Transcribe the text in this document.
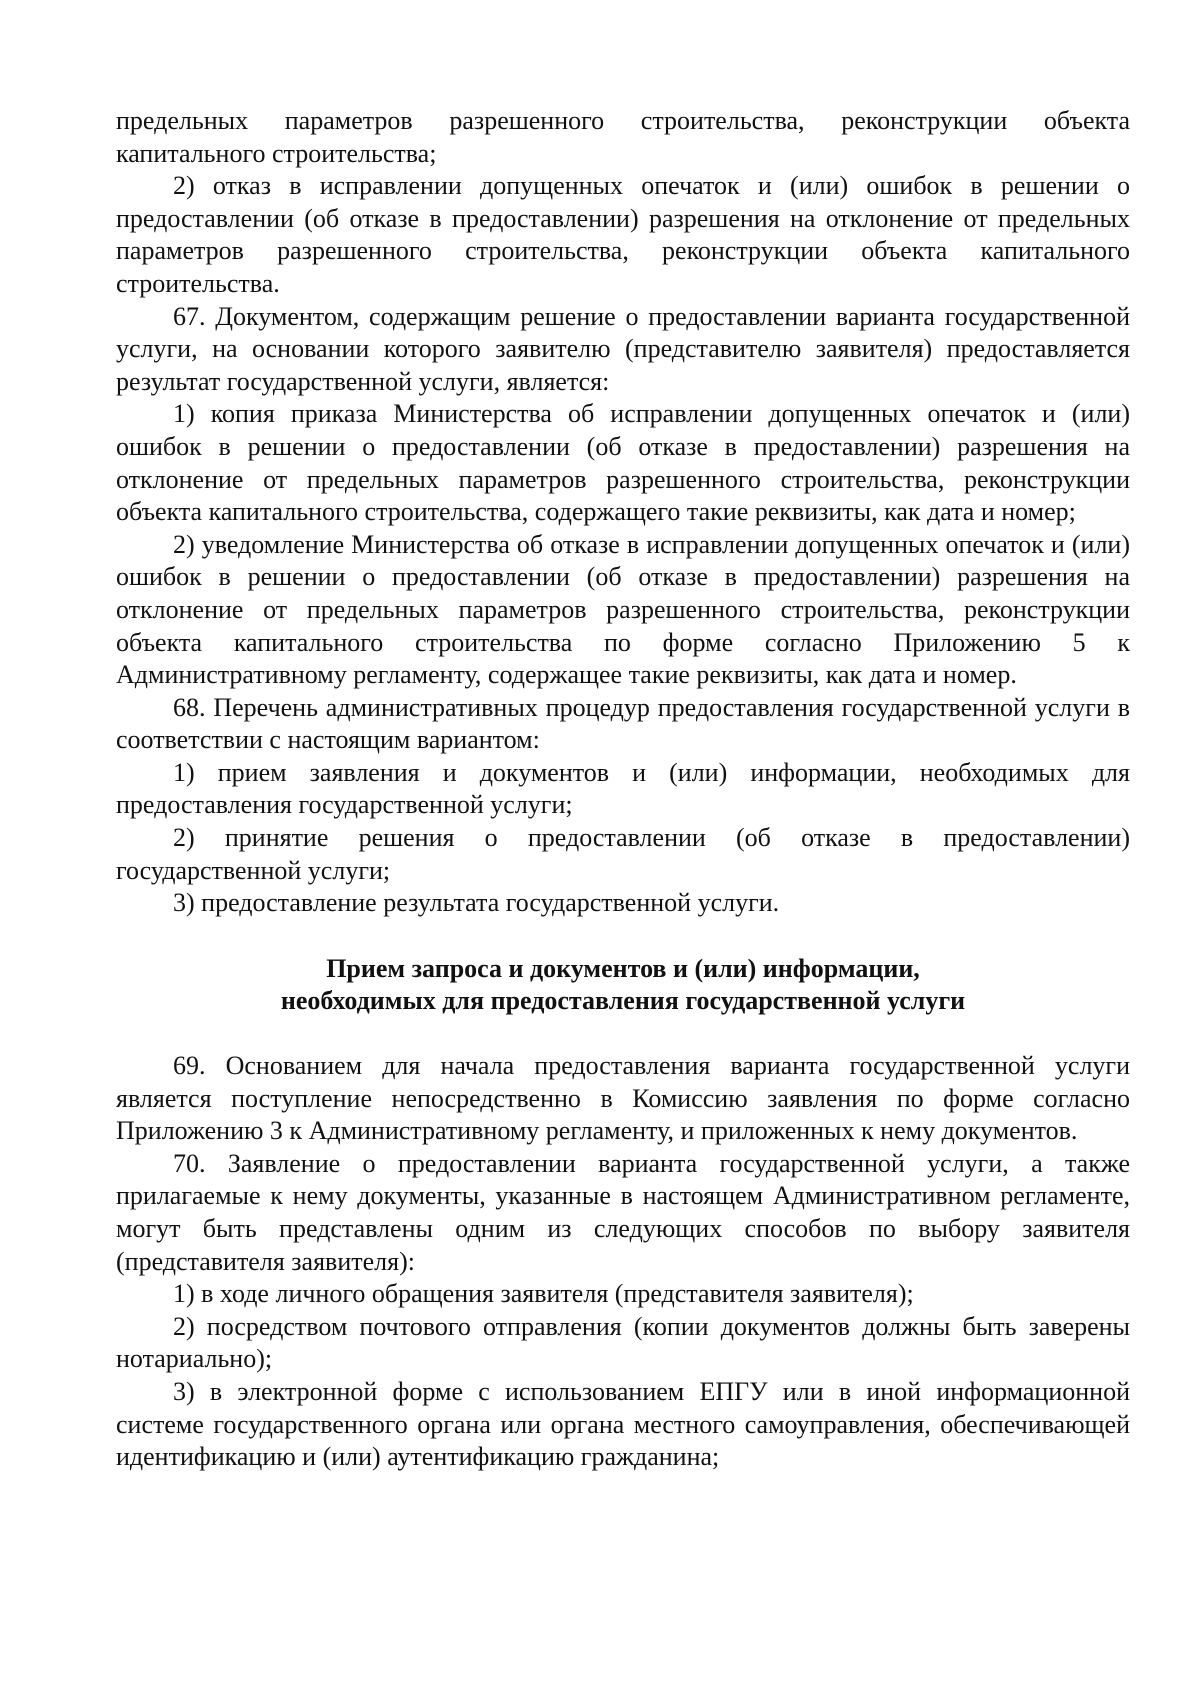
предельных параметров разрешенного строительства, реконструкции объекта капитального строительства;

2) отказ в исправлении допущенных опечаток и (или) ошибок в решении о предоставлении (об отказе в предоставлении) разрешения на отклонение от предельных параметров разрешенного строительства, реконструкции объекта капитального строительства.

67. Документом, содержащим решение о предоставлении варианта государственной услуги, на основании которого заявителю (представителю заявителя) предоставляется результат государственной услуги, является:

1) копия приказа Министерства об исправлении допущенных опечаток и (или) ошибок в решении о предоставлении (об отказе в предоставлении) разрешения на отклонение от предельных параметров разрешенного строительства, реконструкции объекта капитального строительства, содержащего такие реквизиты, как дата и номер;

2) уведомление Министерства об отказе в исправлении допущенных опечаток и (или) ошибок в решении о предоставлении (об отказе в предоставлении) разрешения на отклонение от предельных параметров разрешенного строительства, реконструкции объекта капитального строительства по форме согласно Приложению 5 к Административному регламенту, содержащее такие реквизиты, как дата и номер.

68. Перечень административных процедур предоставления государственной услуги в соответствии с настоящим вариантом:

1) прием заявления и документов и (или) информации, необходимых для предоставления государственной услуги;

2) принятие решения о предоставлении (об отказе в предоставлении) государственной услуги;

3) предоставление результата государственной услуги.

Прием запроса и документов и (или) информации,
необходимых для предоставления государственной услуги

69. Основанием для начала предоставления варианта государственной услуги является поступление непосредственно в Комиссию заявления по форме согласно Приложению 3 к Административному регламенту, и приложенных к нему документов.

70. Заявление о предоставлении варианта государственной услуги, а также прилагаемые к нему документы, указанные в настоящем Административном регламенте, могут быть представлены одним из следующих способов по выбору заявителя (представителя заявителя):

1) в ходе личного обращения заявителя (представителя заявителя);

2) посредством почтового отправления (копии документов должны быть заверены нотариально);

3) в электронной форме с использованием ЕПГУ или в иной информационной системе государственного органа или органа местного самоуправления, обеспечивающей идентификацию и (или) аутентификацию гражданина;
